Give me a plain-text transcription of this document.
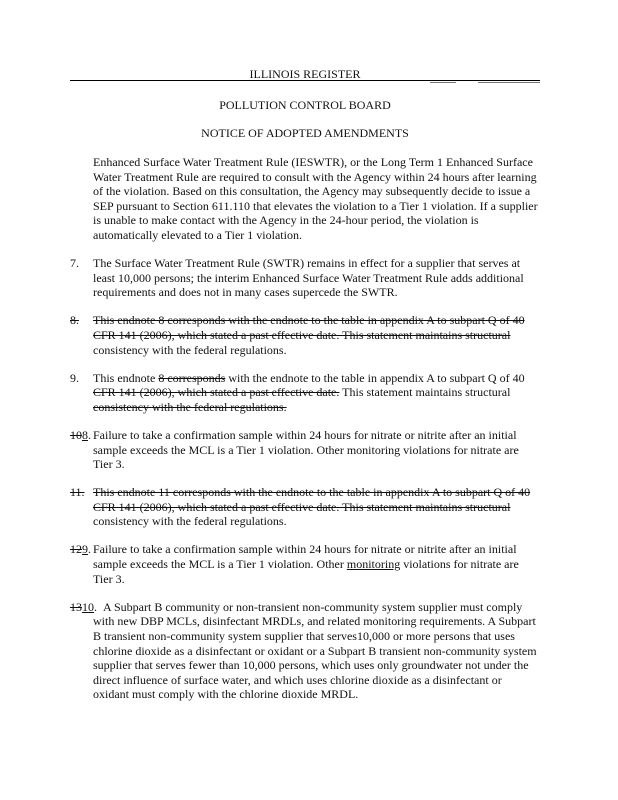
ILLINOIS REGISTER
POLLUTION CONTROL BOARD
NOTICE OF ADOPTED AMENDMENTS

Enhanced Surface Water Treatment Rule (IESWTR), or the Long Term 1 Enhanced Surface Water Treatment Rule are required to consult with the Agency within 24 hours after learning of the violation. Based on this consultation, the Agency may subsequently decide to issue a SEP pursuant to Section 611.110 that elevates the violation to a Tier 1 violation. If a supplier is unable to make contact with the Agency in the 24-hour period, the violation is automatically elevated to a Tier 1 violation.

7. The Surface Water Treatment Rule (SWTR) remains in effect for a supplier that serves at least 10,000 persons; the interim Enhanced Surface Water Treatment Rule adds additional requirements and does not in many cases supercede the SWTR.

8. This endnote 8 corresponds with the endnote to the table in appendix A to subpart Q of 40 CFR 141 (2006), which stated a past effective date. This statement maintains structural consistency with the federal regulations.

9. This endnote 8 corresponds with the endnote to the table in appendix A to subpart Q of 40 CFR 141 (2006), which stated a past effective date. This statement maintains structural consistency with the federal regulations.

108. Failure to take a confirmation sample within 24 hours for nitrate or nitrite after an initial sample exceeds the MCL is a Tier 1 violation. Other monitoring violations for nitrate are Tier 3.

11. This endnote 11 corresponds with the endnote to the table in appendix A to subpart Q of 40 CFR 141 (2006), which stated a past effective date. This statement maintains structural consistency with the federal regulations.

129. Failure to take a confirmation sample within 24 hours for nitrate or nitrite after an initial sample exceeds the MCL is a Tier 1 violation. Other monitoring violations for nitrate are Tier 3.

1310.  A Subpart B community or non-transient non-community system supplier must comply with new DBP MCLs, disinfectant MRDLs, and related monitoring requirements. A Subpart B transient non-community system supplier that serves10,000 or more persons that uses chlorine dioxide as a disinfectant or oxidant or a Subpart B transient non-community system supplier that serves fewer than 10,000 persons, which uses only groundwater not under the direct influence of surface water, and which uses chlorine dioxide as a disinfectant or oxidant must comply with the chlorine dioxide MRDL.
